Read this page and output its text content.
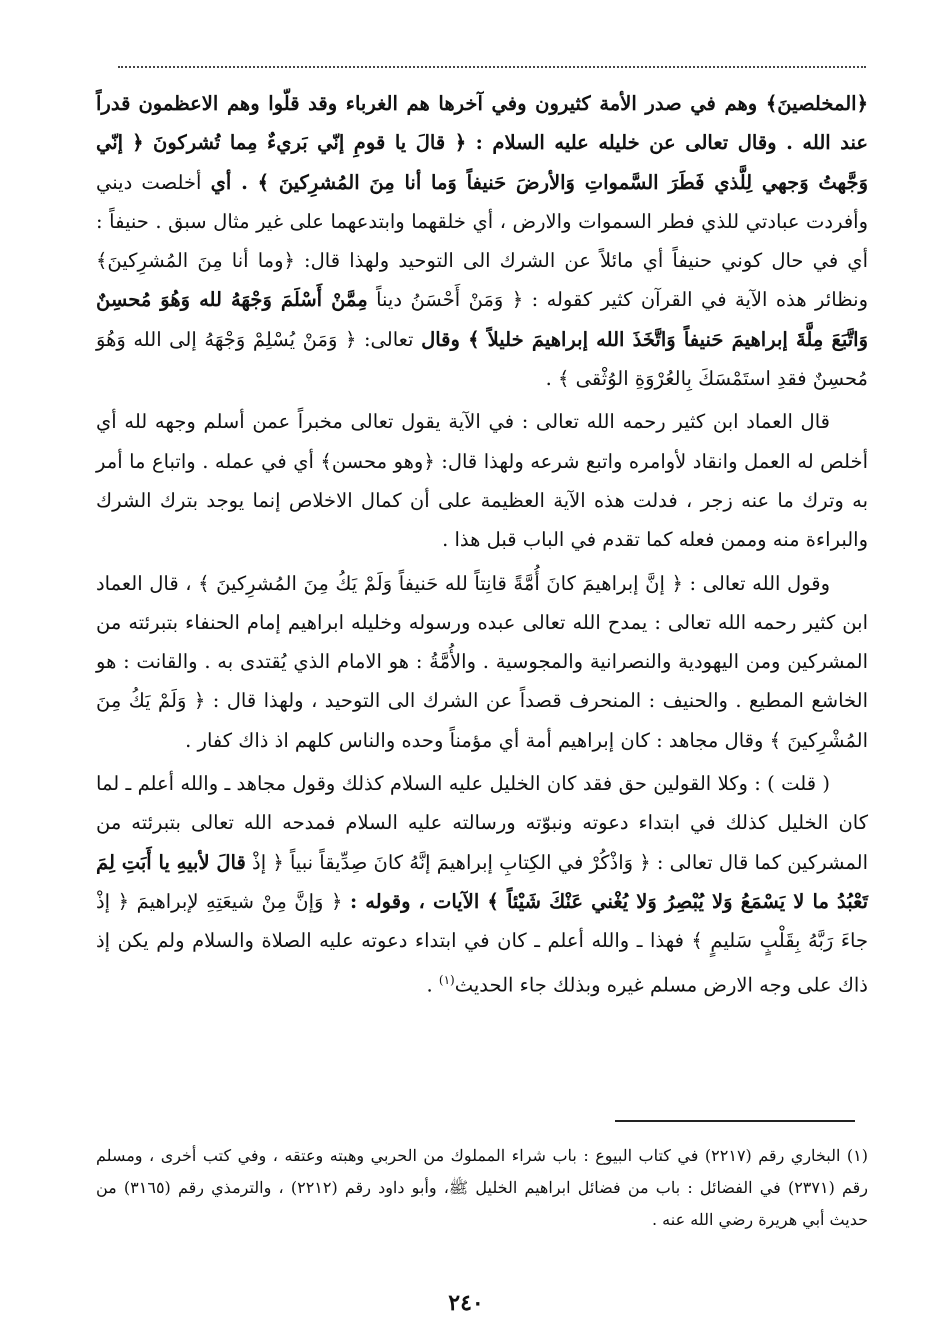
﴿المخلصينَ﴾ وهم في صدر الأمة كثيرون وفي آخرها هم الغرباء وقد قلّوا وهم الاعظمون قدراً عند الله . وقال تعالى عن خليله عليه السلام : ﴿ قالَ يا قومِ إنّي بَريءٌ مِما تُشركونَ ﴿ إنّي وَجَّهتُ وَجهي لِلَّذي فَطَرَ السَّمواتِ وَالأرضَ حَنيفاً وَما أنا مِنَ المُشرِكينَ ﴾ . أي أخلصت ديني وأفردت عبادتي للذي فطر السموات والارض ، أي خلقهما وابتدعهما على غير مثال سبق . حنيفاً : أي في حال كوني حنيفاً أي مائلاً عن الشرك الى التوحيد ولهذا قال: ﴿وما أنا مِنَ المُشرِكينَ﴾ ونظائر هذه الآية في القرآن كثير كقوله : ﴿ وَمَنْ أَحْسَنُ ديناً مِمَّنْ أَسْلَمَ وَجْهَهُ لله وَهُوَ مُحسِنٌ وَاتَّبَعَ مِلَّةَ إبراهيمَ حَنيفاً وَاتَّخَذَ الله إبراهيمَ خليلاً ﴾ وقال تعالى: ﴿ وَمَنْ يُسْلِمْ وَجْهَهُ إلى الله وَهُوَ مُحسِنٌ فقدِ استَمْسَكَ بِالعُرْوَةِ الوُثْقى ﴾ .

قال العماد ابن كثير رحمه الله تعالى : في الآية يقول تعالى مخبراً عمن أسلم وجهه لله أي أخلص له العمل وانقاد لأوامره واتبع شرعه ولهذا قال: ﴿وهو محسن﴾ أي في عمله . واتباع ما أمر به وترك ما عنه زجر ، فدلت هذه الآية العظيمة على أن كمال الاخلاص إنما يوجد بترك الشرك والبراءة منه وممن فعله كما تقدم في الباب قبل هذا .

وقول الله تعالى : ﴿ إنَّ إبراهيمَ كانَ أُمَّةً قانِتاً لله حَنيفاً وَلَمْ يَكُ مِنَ المُشرِكينَ ﴾ ، قال العماد ابن كثير رحمه الله تعالى : يمدح الله تعالى عبده ورسوله وخليله ابراهيم إمام الحنفاء بتبرئته من المشركين ومن اليهودية والنصرانية والمجوسية . والأُمَّةُ : هو الامام الذي يُقتدى به . والقانت : هو الخاشع المطيع . والحنيف : المنحرف قصداً عن الشرك الى التوحيد ، ولهذا قال : ﴿ وَلَمْ يَكُ مِنَ المُشْرِكينَ ﴾ وقال مجاهد : كان إبراهيم أمة أي مؤمناً وحده والناس كلهم اذ ذاك كفار .

( قلت ) : وكلا القولين حق فقد كان الخليل عليه السلام كذلك وقول مجاهد ـ والله أعلم ـ لما كان الخليل كذلك في ابتداء دعوته ونبوّته ورسالته عليه السلام فمدحه الله تعالى بتبرئته من المشركين كما قال تعالى : ﴿ وَاذْكُرْ في الكِتابِ إبراهيمَ إنَّهُ كانَ صِدِّيقاً نبياً ﴿ إذْ قالَ لأبيهِ يا أَبَتِ لِمَ تَعْبُدُ ما لا يَسْمَعُ وَلا يُبْصِرُ وَلا يُغْني عَنْكَ شَيْئاً ﴾ الآيات ، وقوله : ﴿ وَإنَّ مِنْ شيعَتِهِ لإبراهيمَ ﴿ إذْ جاءَ رَبَّهُ بِقَلْبٍ سَليمٍ ﴾ فهذا ـ والله أعلم ـ كان في ابتداء دعوته عليه الصلاة والسلام ولم يكن إذ ذاك على وجه الارض مسلم غيره وبذلك جاء الحديث$^{(١)}$ .

(١) البخاري رقم (٢٢١٧) في كتاب البيوع : باب شراء المملوك من الحربي وهبته وعتقه ، وفي كتب أخرى ، ومسلم رقم (٢٣٧١) في الفضائل : باب من فضائل ابراهيم الخليل ﷺ، وأبو داود رقم (٢٢١٢) ، والترمذي رقم (٣١٦٥) من حديث أبي هريرة رضي الله عنه .

٢٤٠
